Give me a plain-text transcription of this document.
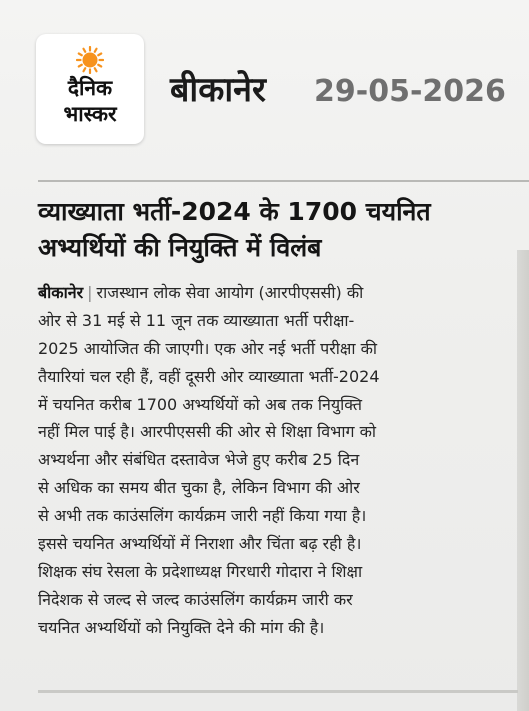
दैनिक
भास्कर
बीकानेर 29-05-2026
व्याख्याता भर्ती-2024 के 1700 चयनित
अभ्यर्थियों की नियुक्ति में विलंब
बीकानेर | राजस्थान लोक सेवा आयोग (आरपीएससी) की
ओर से 31 मई से 11 जून तक व्याख्याता भर्ती परीक्षा-
2025 आयोजित की जाएगी। एक ओर नई भर्ती परीक्षा की
तैयारियां चल रही हैं, वहीं दूसरी ओर व्याख्याता भर्ती-2024
में चयनित करीब 1700 अभ्यर्थियों को अब तक नियुक्ति
नहीं मिल पाई है। आरपीएससी की ओर से शिक्षा विभाग को
अभ्यर्थना और संबंधित दस्तावेज भेजे हुए करीब 25 दिन
से अधिक का समय बीत चुका है, लेकिन विभाग की ओर
से अभी तक काउंसलिंग कार्यक्रम जारी नहीं किया गया है।
इससे चयनित अभ्यर्थियों में निराशा और चिंता बढ़ रही है।
शिक्षक संघ रेसला के प्रदेशाध्यक्ष गिरधारी गोदारा ने शिक्षा
निदेशक से जल्द से जल्द काउंसलिंग कार्यक्रम जारी कर
चयनित अभ्यर्थियों को नियुक्ति देने की मांग की है।
